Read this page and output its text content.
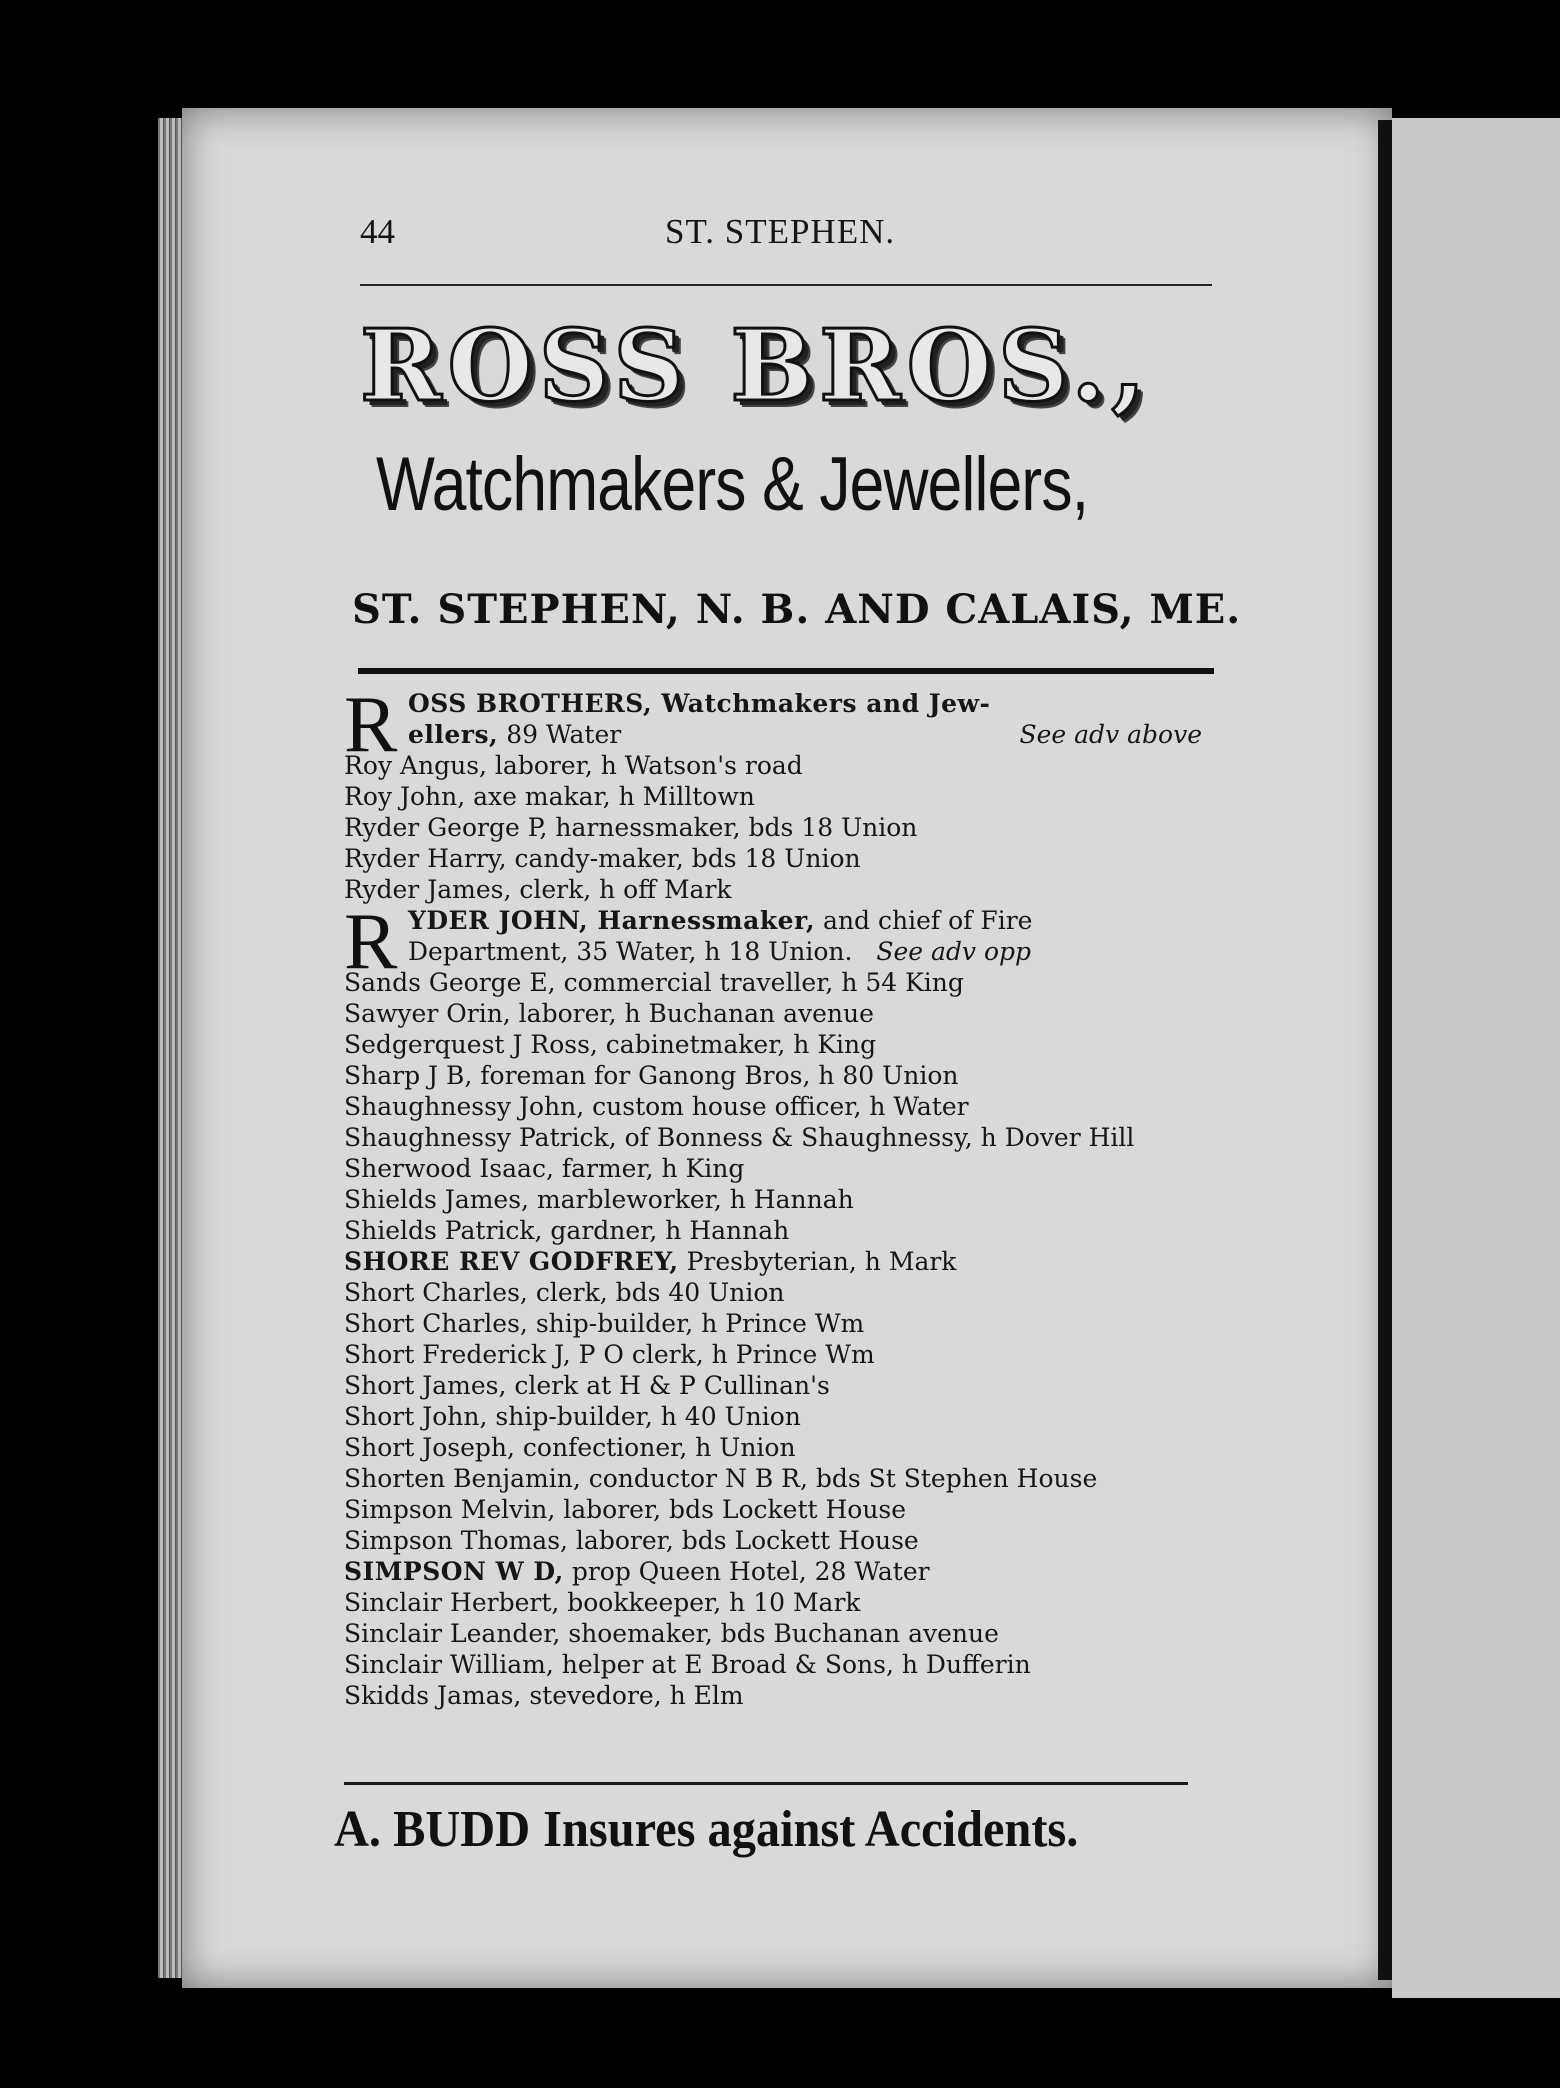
44	ST. STEPHEN.
ROSS BROS.,
Watchmakers & Jewellers,
ST. STEPHEN, N. B. AND CALAIS, ME.
R OSS BROTHERS, Watchmakers and Jew-
ellers, 89 Water	See adv above
Roy Angus, laborer, h Watson's road
Roy John, axe makar, h Milltown
Ryder George P, harnessmaker, bds 18 Union
Ryder Harry, candy-maker, bds 18 Union
Ryder James, clerk, h off Mark
R YDER JOHN, Harnessmaker, and chief of Fire
Department, 35 Water, h 18 Union. See adv opp
Sands George E, commercial traveller, h 54 King
Sawyer Orin, laborer, h Buchanan avenue
Sedgerquest J Ross, cabinetmaker, h King
Sharp J B, foreman for Ganong Bros, h 80 Union
Shaughnessy John, custom house officer, h Water
Shaughnessy Patrick, of Bonness & Shaughnessy, h Dover Hill
Sherwood Isaac, farmer, h King
Shields James, marbleworker, h Hannah
Shields Patrick, gardner, h Hannah
SHORE REV GODFREY, Presbyterian, h Mark
Short Charles, clerk, bds 40 Union
Short Charles, ship-builder, h Prince Wm
Short Frederick J, P O clerk, h Prince Wm
Short James, clerk at H & P Cullinan's
Short John, ship-builder, h 40 Union
Short Joseph, confectioner, h Union
Shorten Benjamin, conductor N B R, bds St Stephen House
Simpson Melvin, laborer, bds Lockett House
Simpson Thomas, laborer, bds Lockett House
SIMPSON W D, prop Queen Hotel, 28 Water
Sinclair Herbert, bookkeeper, h 10 Mark
Sinclair Leander, shoemaker, bds Buchanan avenue
Sinclair William, helper at E Broad & Sons, h Dufferin
Skidds Jamas, stevedore, h Elm
A. BUDD Insures against Accidents.
